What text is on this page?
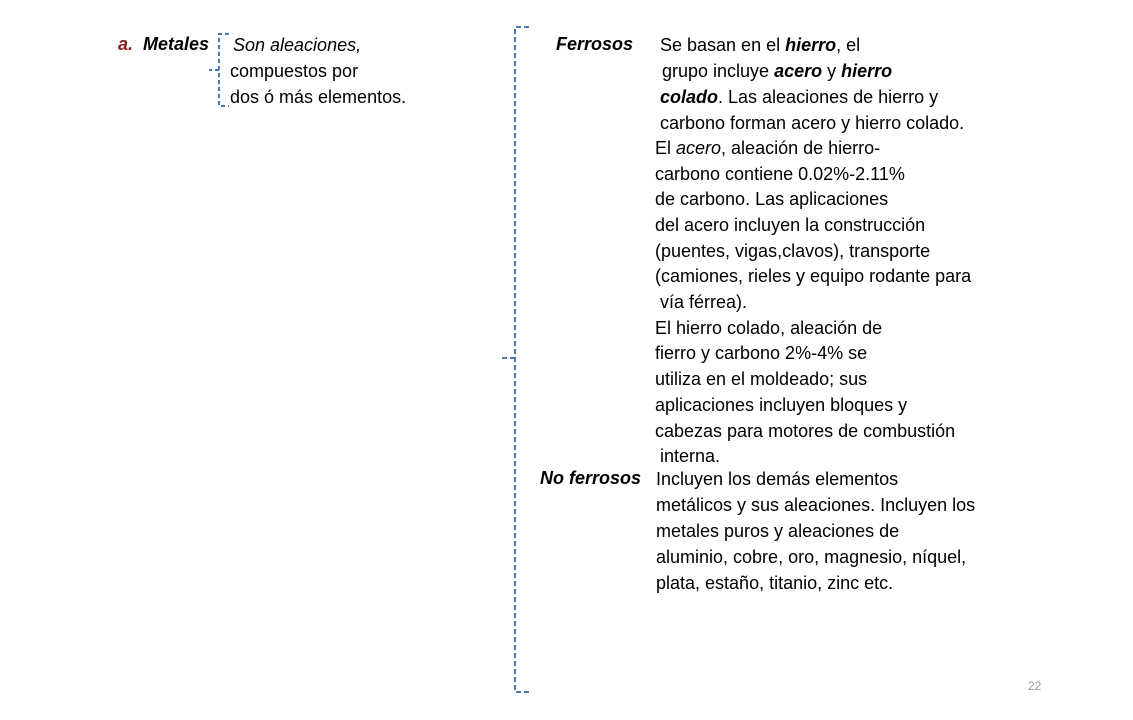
a. Metales Son aleaciones,
compuestos por
dos ó más elementos.
Ferrosos Se basan en el hierro, el
grupo incluye acero y hierro
colado. Las aleaciones de hierro y
carbono forman acero y hierro colado.
El acero, aleación de hierro-
carbono contiene 0.02%-2.11%
de carbono. Las aplicaciones
del acero incluyen la construcción
(puentes, vigas,clavos), transporte
(camiones, rieles y equipo rodante para
vía férrea).
El hierro colado, aleación de
fierro y carbono 2%-4% se
utiliza en el moldeado; sus
aplicaciones incluyen bloques y
cabezas para motores de combustión
interna.
No ferrosos Incluyen los demás elementos
metálicos y sus aleaciones. Incluyen los
metales puros y aleaciones de
aluminio, cobre, oro, magnesio, níquel,
plata, estaño, titanio, zinc etc.
22
